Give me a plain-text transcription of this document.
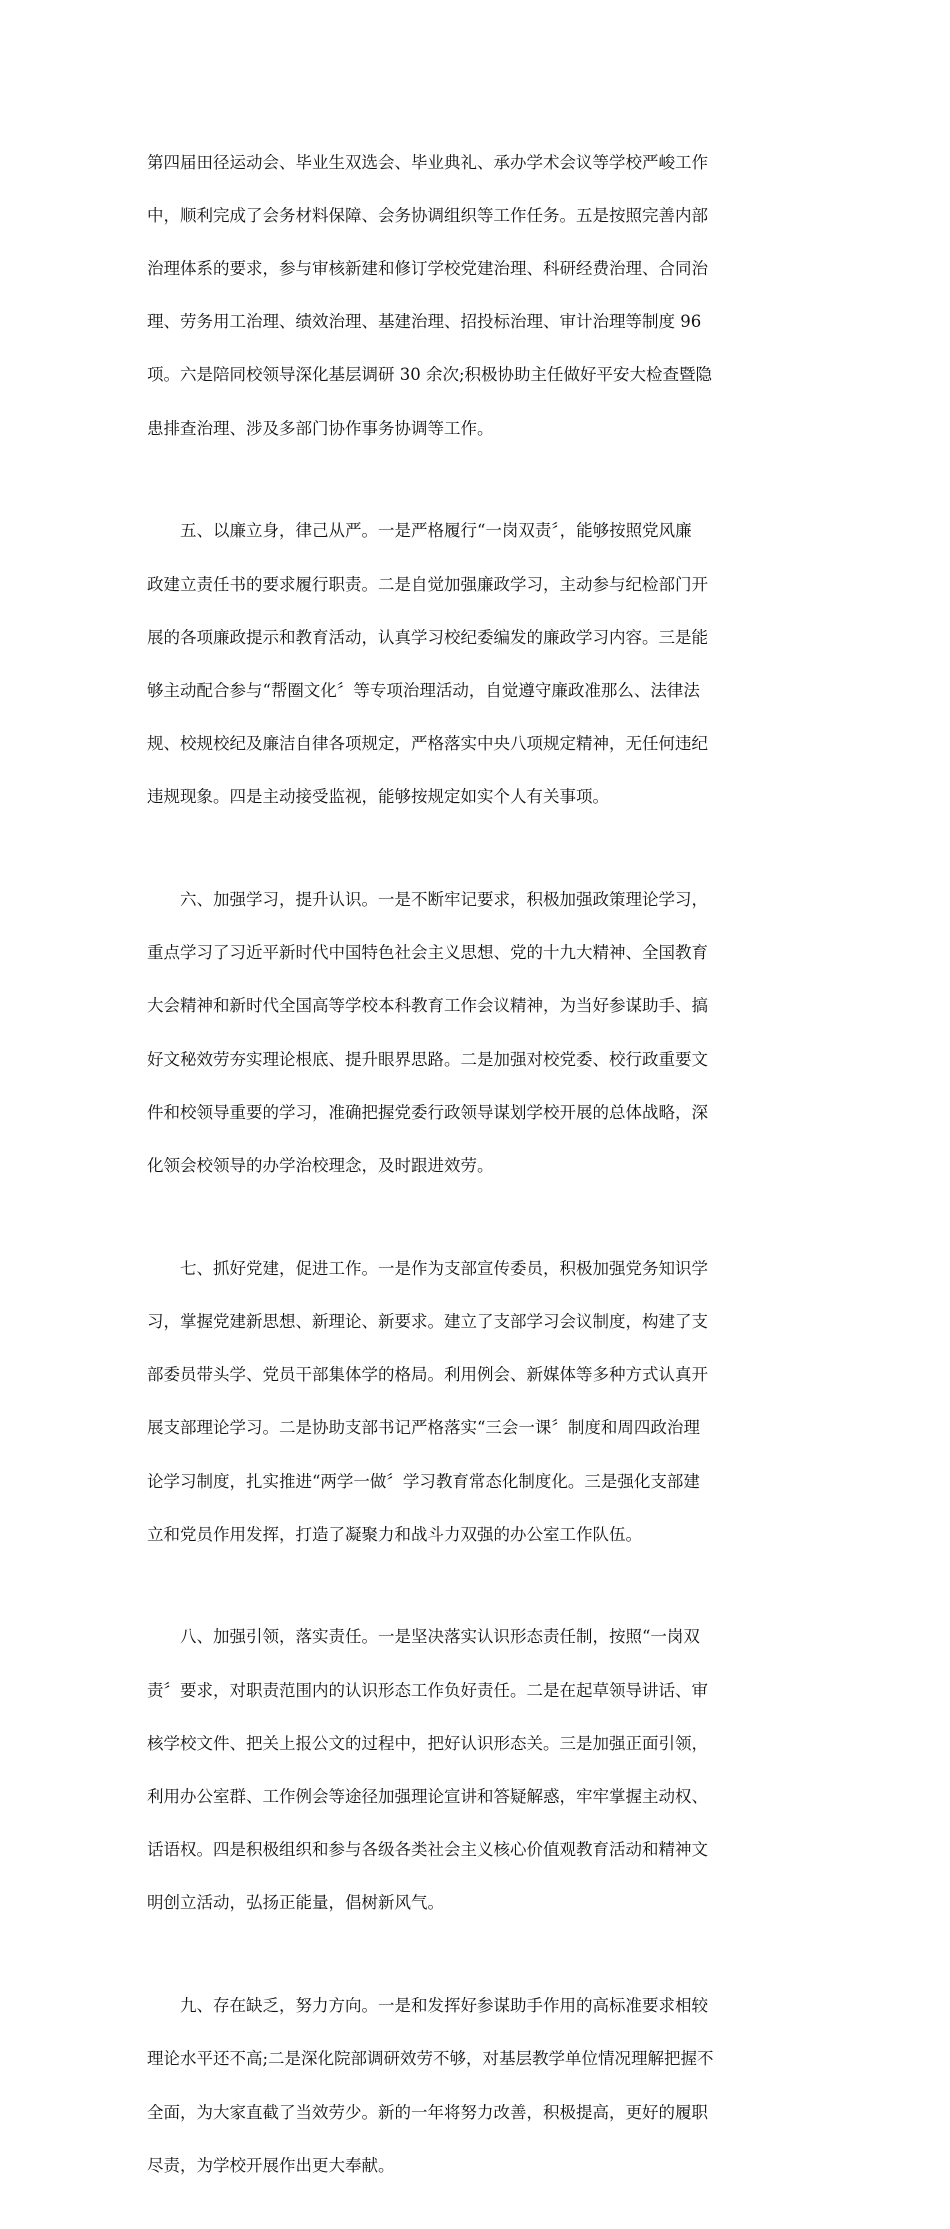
第四届田径运动会、毕业生双选会、毕业典礼、承办学术会议等学校严峻工作

中，顺利完成了会务材料保障、会务协调组织等工作任务。五是按照完善内部

治理体系的要求，参与审核新建和修订学校党建治理、科研经费治理、合同治

理、劳务用工治理、绩效治理、基建治理、招投标治理、审计治理等制度 96

项。六是陪同校领导深化基层调研 30 余次;积极协助主任做好平安大检查暨隐

患排查治理、涉及多部门协作事务协调等工作。

五、以廉立身，律己从严。一是严格履行“一岗双责〞，能够按照党风廉

政建立责任书的要求履行职责。二是自觉加强廉政学习，主动参与纪检部门开

展的各项廉政提示和教育活动，认真学习校纪委编发的廉政学习内容。三是能

够主动配合参与“帮圈文化〞等专项治理活动，自觉遵守廉政准那么、法律法

规、校规校纪及廉洁自律各项规定，严格落实中央八项规定精神，无任何违纪

违规现象。四是主动接受监视，能够按规定如实个人有关事项。

六、加强学习，提升认识。一是不断牢记要求，积极加强政策理论学习，

重点学习了习近平新时代中国特色社会主义思想、党的十九大精神、全国教育

大会精神和新时代全国高等学校本科教育工作会议精神，为当好参谋助手、搞

好文秘效劳夯实理论根底、提升眼界思路。二是加强对校党委、校行政重要文

件和校领导重要的学习，准确把握党委行政领导谋划学校开展的总体战略，深

化领会校领导的办学治校理念，及时跟进效劳。

七、抓好党建，促进工作。一是作为支部宣传委员，积极加强党务知识学

习，掌握党建新思想、新理论、新要求。建立了支部学习会议制度，构建了支

部委员带头学、党员干部集体学的格局。利用例会、新媒体等多种方式认真开

展支部理论学习。二是协助支部书记严格落实“三会一课〞制度和周四政治理

论学习制度，扎实推进“两学一做〞学习教育常态化制度化。三是强化支部建

立和党员作用发挥，打造了凝聚力和战斗力双强的办公室工作队伍。

八、加强引领，落实责任。一是坚决落实认识形态责任制，按照“一岗双

责〞要求，对职责范围内的认识形态工作负好责任。二是在起草领导讲话、审

核学校文件、把关上报公文的过程中，把好认识形态关。三是加强正面引领，

利用办公室群、工作例会等途径加强理论宣讲和答疑解惑，牢牢掌握主动权、

话语权。四是积极组织和参与各级各类社会主义核心价值观教育活动和精神文

明创立活动，弘扬正能量，倡树新风气。

九、存在缺乏，努力方向。一是和发挥好参谋助手作用的高标准要求相较

理论水平还不高;二是深化院部调研效劳不够，对基层教学单位情况理解把握不

全面，为大家直截了当效劳少。新的一年将努力改善，积极提高，更好的履职

尽责，为学校开展作出更大奉献。
